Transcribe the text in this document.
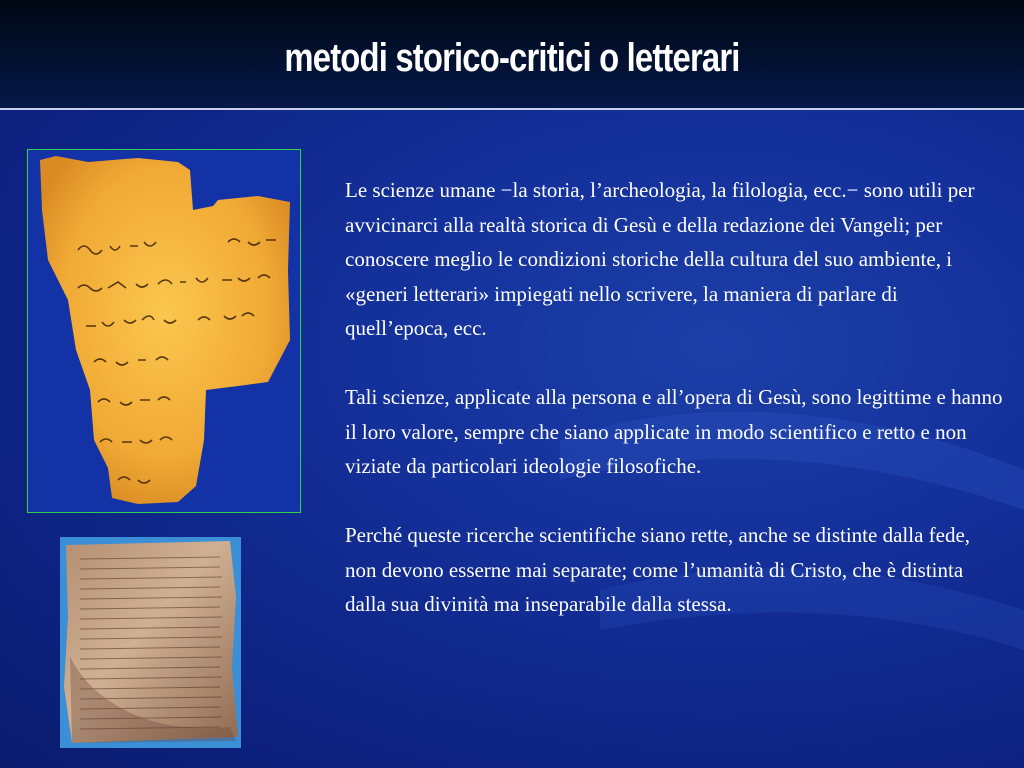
metodi storico-critici o letterari

Le scienze umane −la storia, l’archeologia, la filologia, ecc.− sono utili per avvicinarci alla realtà storica di Gesù e della redazione dei Vangeli; per conoscere meglio le condizioni storiche della cultura del suo ambiente, i «generi letterari» impiegati nello scrivere, la maniera di parlare di quell’epoca, ecc.

Tali scienze, applicate alla persona e all’opera di Gesù, sono legittime e hanno il loro valore, sempre che siano applicate in modo scientifico e retto e non viziate da particolari ideologie filosofiche.

Perché queste ricerche scientifiche siano rette, anche se distinte dalla fede, non devono esserne mai separate; come l’umanità di Cristo, che è distinta dalla sua divinità ma inseparabile dalla stessa.
